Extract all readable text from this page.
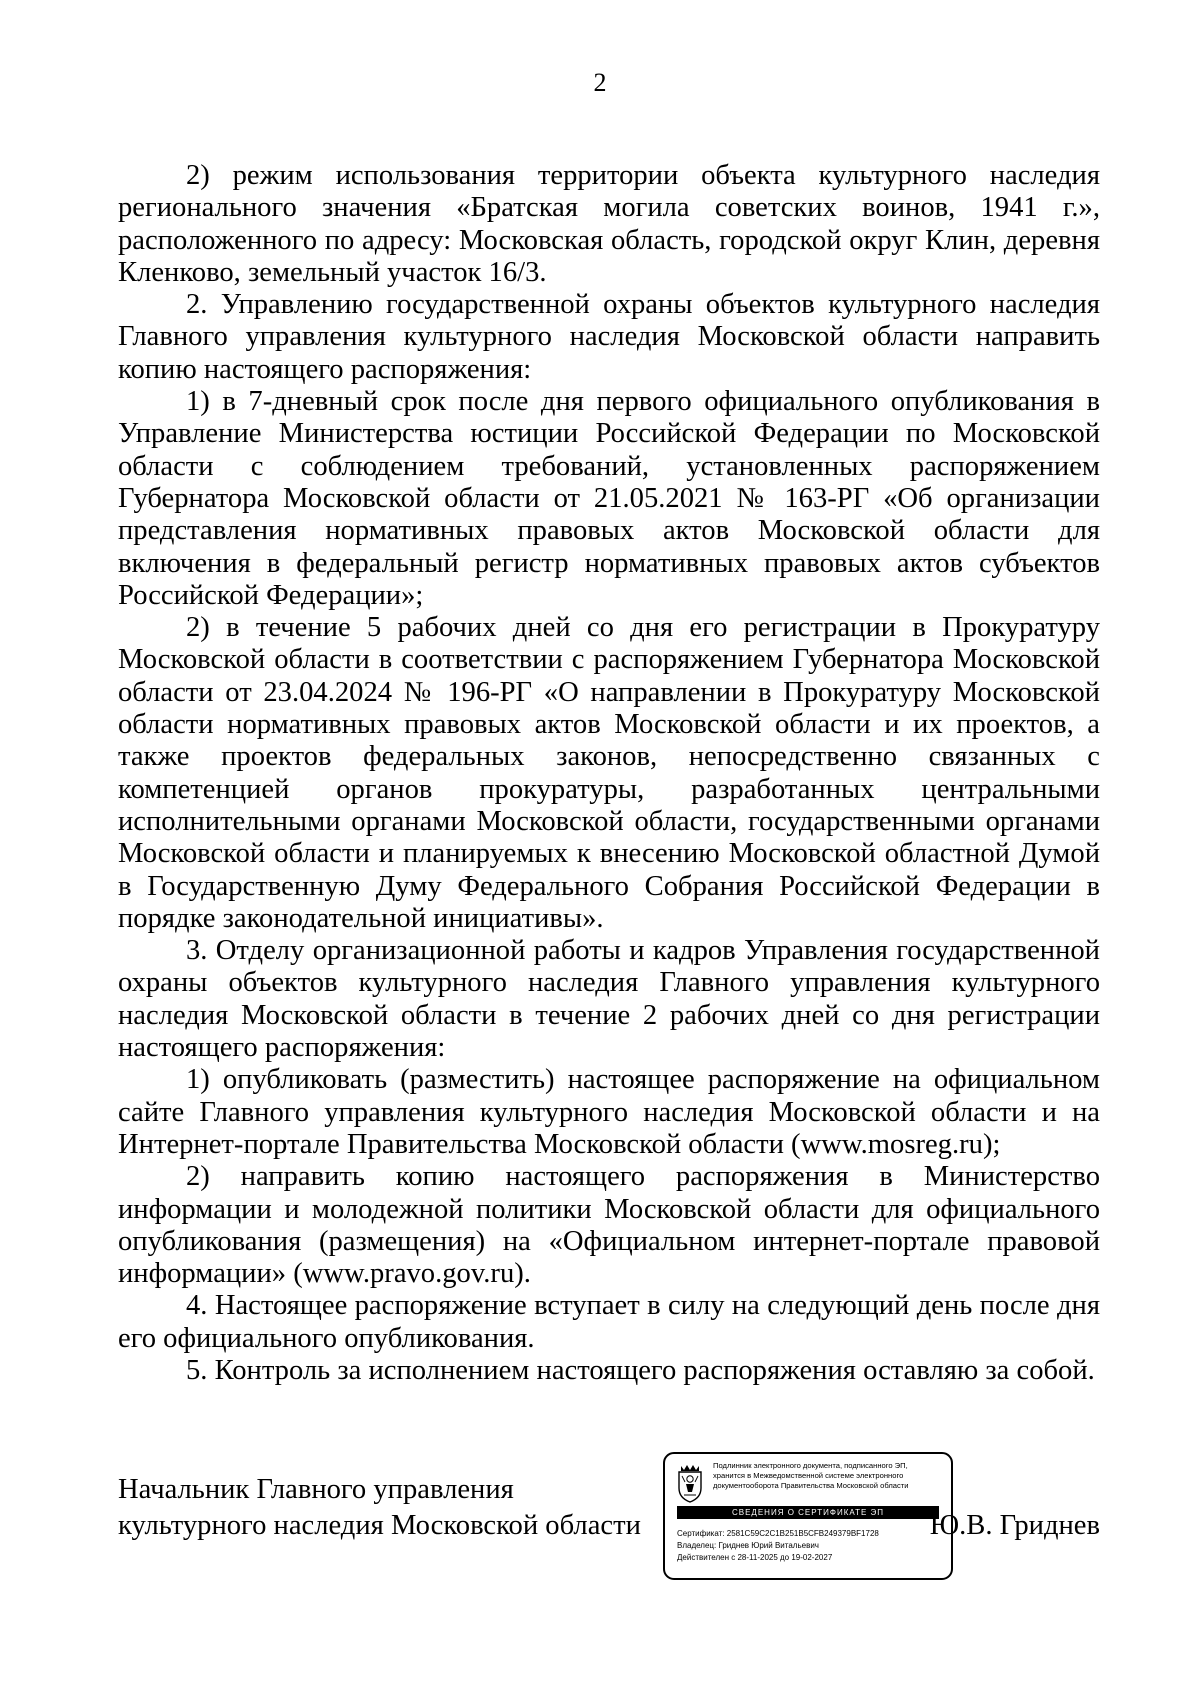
2

2) режим использования территории объекта культурного наследия регионального значения «Братская могила советских воинов, 1941 г.», расположенного по адресу: Московская область, городской округ Клин, деревня Кленково, земельный участок 16/3.

2. Управлению государственной охраны объектов культурного наследия Главного управления культурного наследия Московской области направить копию настоящего распоряжения:

1) в 7-дневный срок после дня первого официального опубликования в Управление Министерства юстиции Российской Федерации по Московской области с соблюдением требований, установленных распоряжением Губернатора Московской области от 21.05.2021 № 163-РГ «Об организации представления нормативных правовых актов Московской области для включения в федеральный регистр нормативных правовых актов субъектов Российской Федерации»;

2) в течение 5 рабочих дней со дня его регистрации в Прокуратуру Московской области в соответствии с распоряжением Губернатора Московской области от 23.04.2024 № 196-РГ «О направлении в Прокуратуру Московской области нормативных правовых актов Московской области и их проектов, а также проектов федеральных законов, непосредственно связанных с компетенцией органов прокуратуры, разработанных центральными исполнительными органами Московской области, государственными органами Московской области и планируемых к внесению Московской областной Думой в Государственную Думу Федерального Собрания Российской Федерации в порядке законодательной инициативы».

3. Отделу организационной работы и кадров Управления государственной охраны объектов культурного наследия Главного управления культурного наследия Московской области в течение 2 рабочих дней со дня регистрации настоящего распоряжения:

1) опубликовать (разместить) настоящее распоряжение на официальном сайте Главного управления культурного наследия Московской области и на Интернет-портале Правительства Московской области (www.mosreg.ru);

2) направить копию настоящего распоряжения в Министерство информации и молодежной политики Московской области для официального опубликования (размещения) на «Официальном интернет-портале правовой информации» (www.pravo.gov.ru).

4. Настоящее распоряжение вступает в силу на следующий день после дня его официального опубликования.

5. Контроль за исполнением настоящего распоряжения оставляю за собой.

Начальник Главного управления
культурного наследия Московской области
Подлинник электронного документа, подписанного ЭП,
хранится в Межведомственной системе электронного
документооборота Правительства Московской области
СВЕДЕНИЯ О СЕРТИФИКАТЕ ЭП
Сертификат: 2581C59C2C1B251B5CFB249379BF1728
Владелец: Гриднев Юрий Витальевич
Действителен с 28-11-2025 до 19-02-2027
Ю.В. Гриднев
